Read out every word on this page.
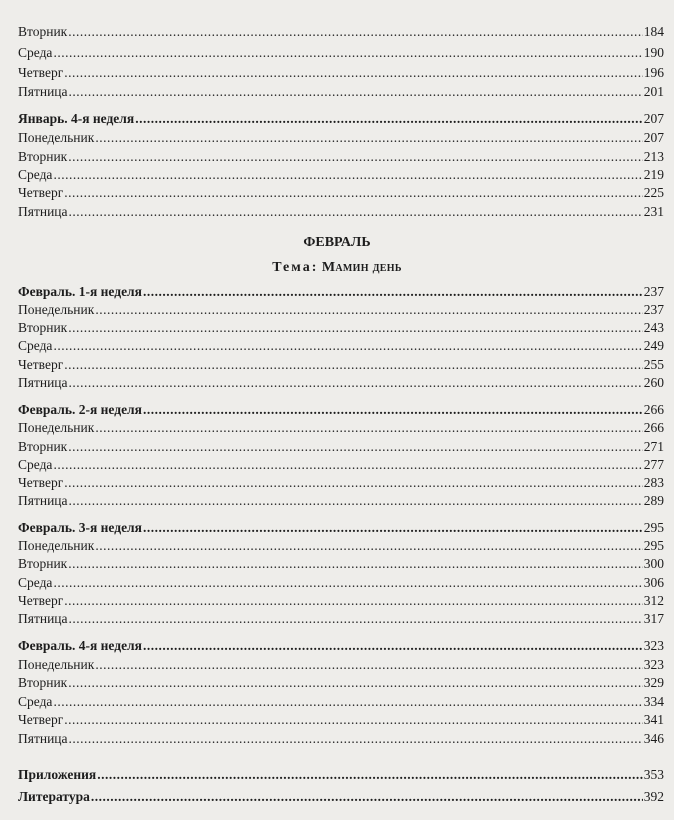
Вторник .....	184
Среда .....	190
Четверг .....	196
Пятница .....	201
Январь. 4-я неделя .....	207
Понедельник .....	207
Вторник .....	213
Среда .....	219
Четверг .....	225
Пятница .....	231
ФЕВРАЛЬ
Тема: Мамин день
Февраль. 1-я неделя .....	237
Понедельник .....	237
Вторник .....	243
Среда .....	249
Четверг .....	255
Пятница .....	260
Февраль. 2-я неделя .....	266
Понедельник .....	266
Вторник .....	271
Среда .....	277
Четверг .....	283
Пятница .....	289
Февраль. 3-я неделя .....	295
Понедельник .....	295
Вторник .....	300
Среда .....	306
Четверг .....	312
Пятница .....	317
Февраль. 4-я неделя .....	323
Понедельник .....	323
Вторник .....	329
Среда .....	334
Четверг .....	341
Пятница .....	346
Приложения .....	353
Литература .....	392
